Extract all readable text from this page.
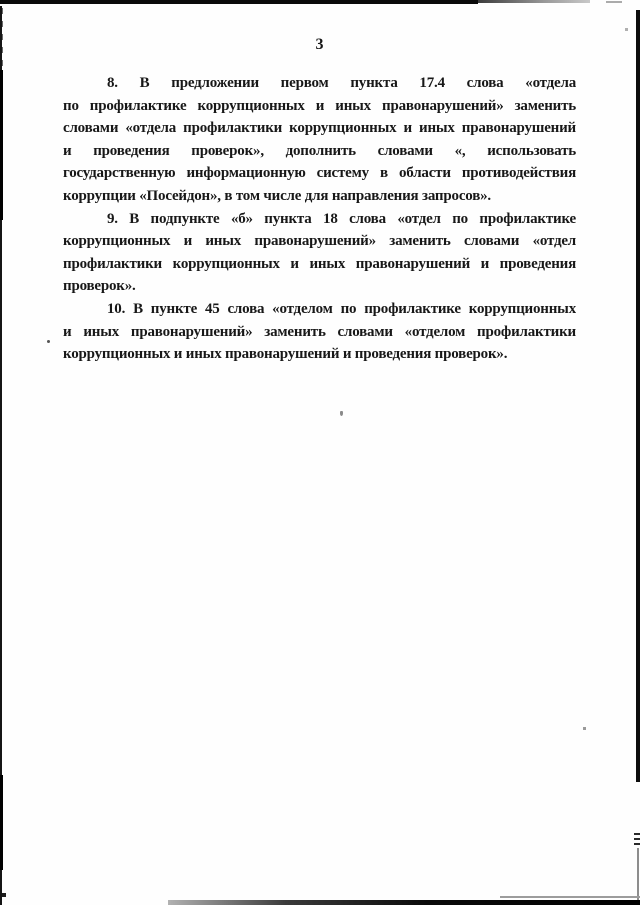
3
8. В предложении первом пункта 17.4 слова «отдела
по профилактике коррупционных и иных правонарушений» заменить
словами «отдела профилактики коррупционных и иных правонарушений
и проведения проверок», дополнить словами «, использовать
государственную информационную систему в области противодействия
коррупции «Посейдон», в том числе для направления запросов».
9. В подпункте «б» пункта 18 слова «отдел по профилактике
коррупционных и иных правонарушений» заменить словами «отдел
профилактики коррупционных и иных правонарушений и проведения
проверок».
10. В пункте 45 слова «отделом по профилактике коррупционных
и иных правонарушений» заменить словами «отделом профилактики
коррупционных и иных правонарушений и проведения проверок».
